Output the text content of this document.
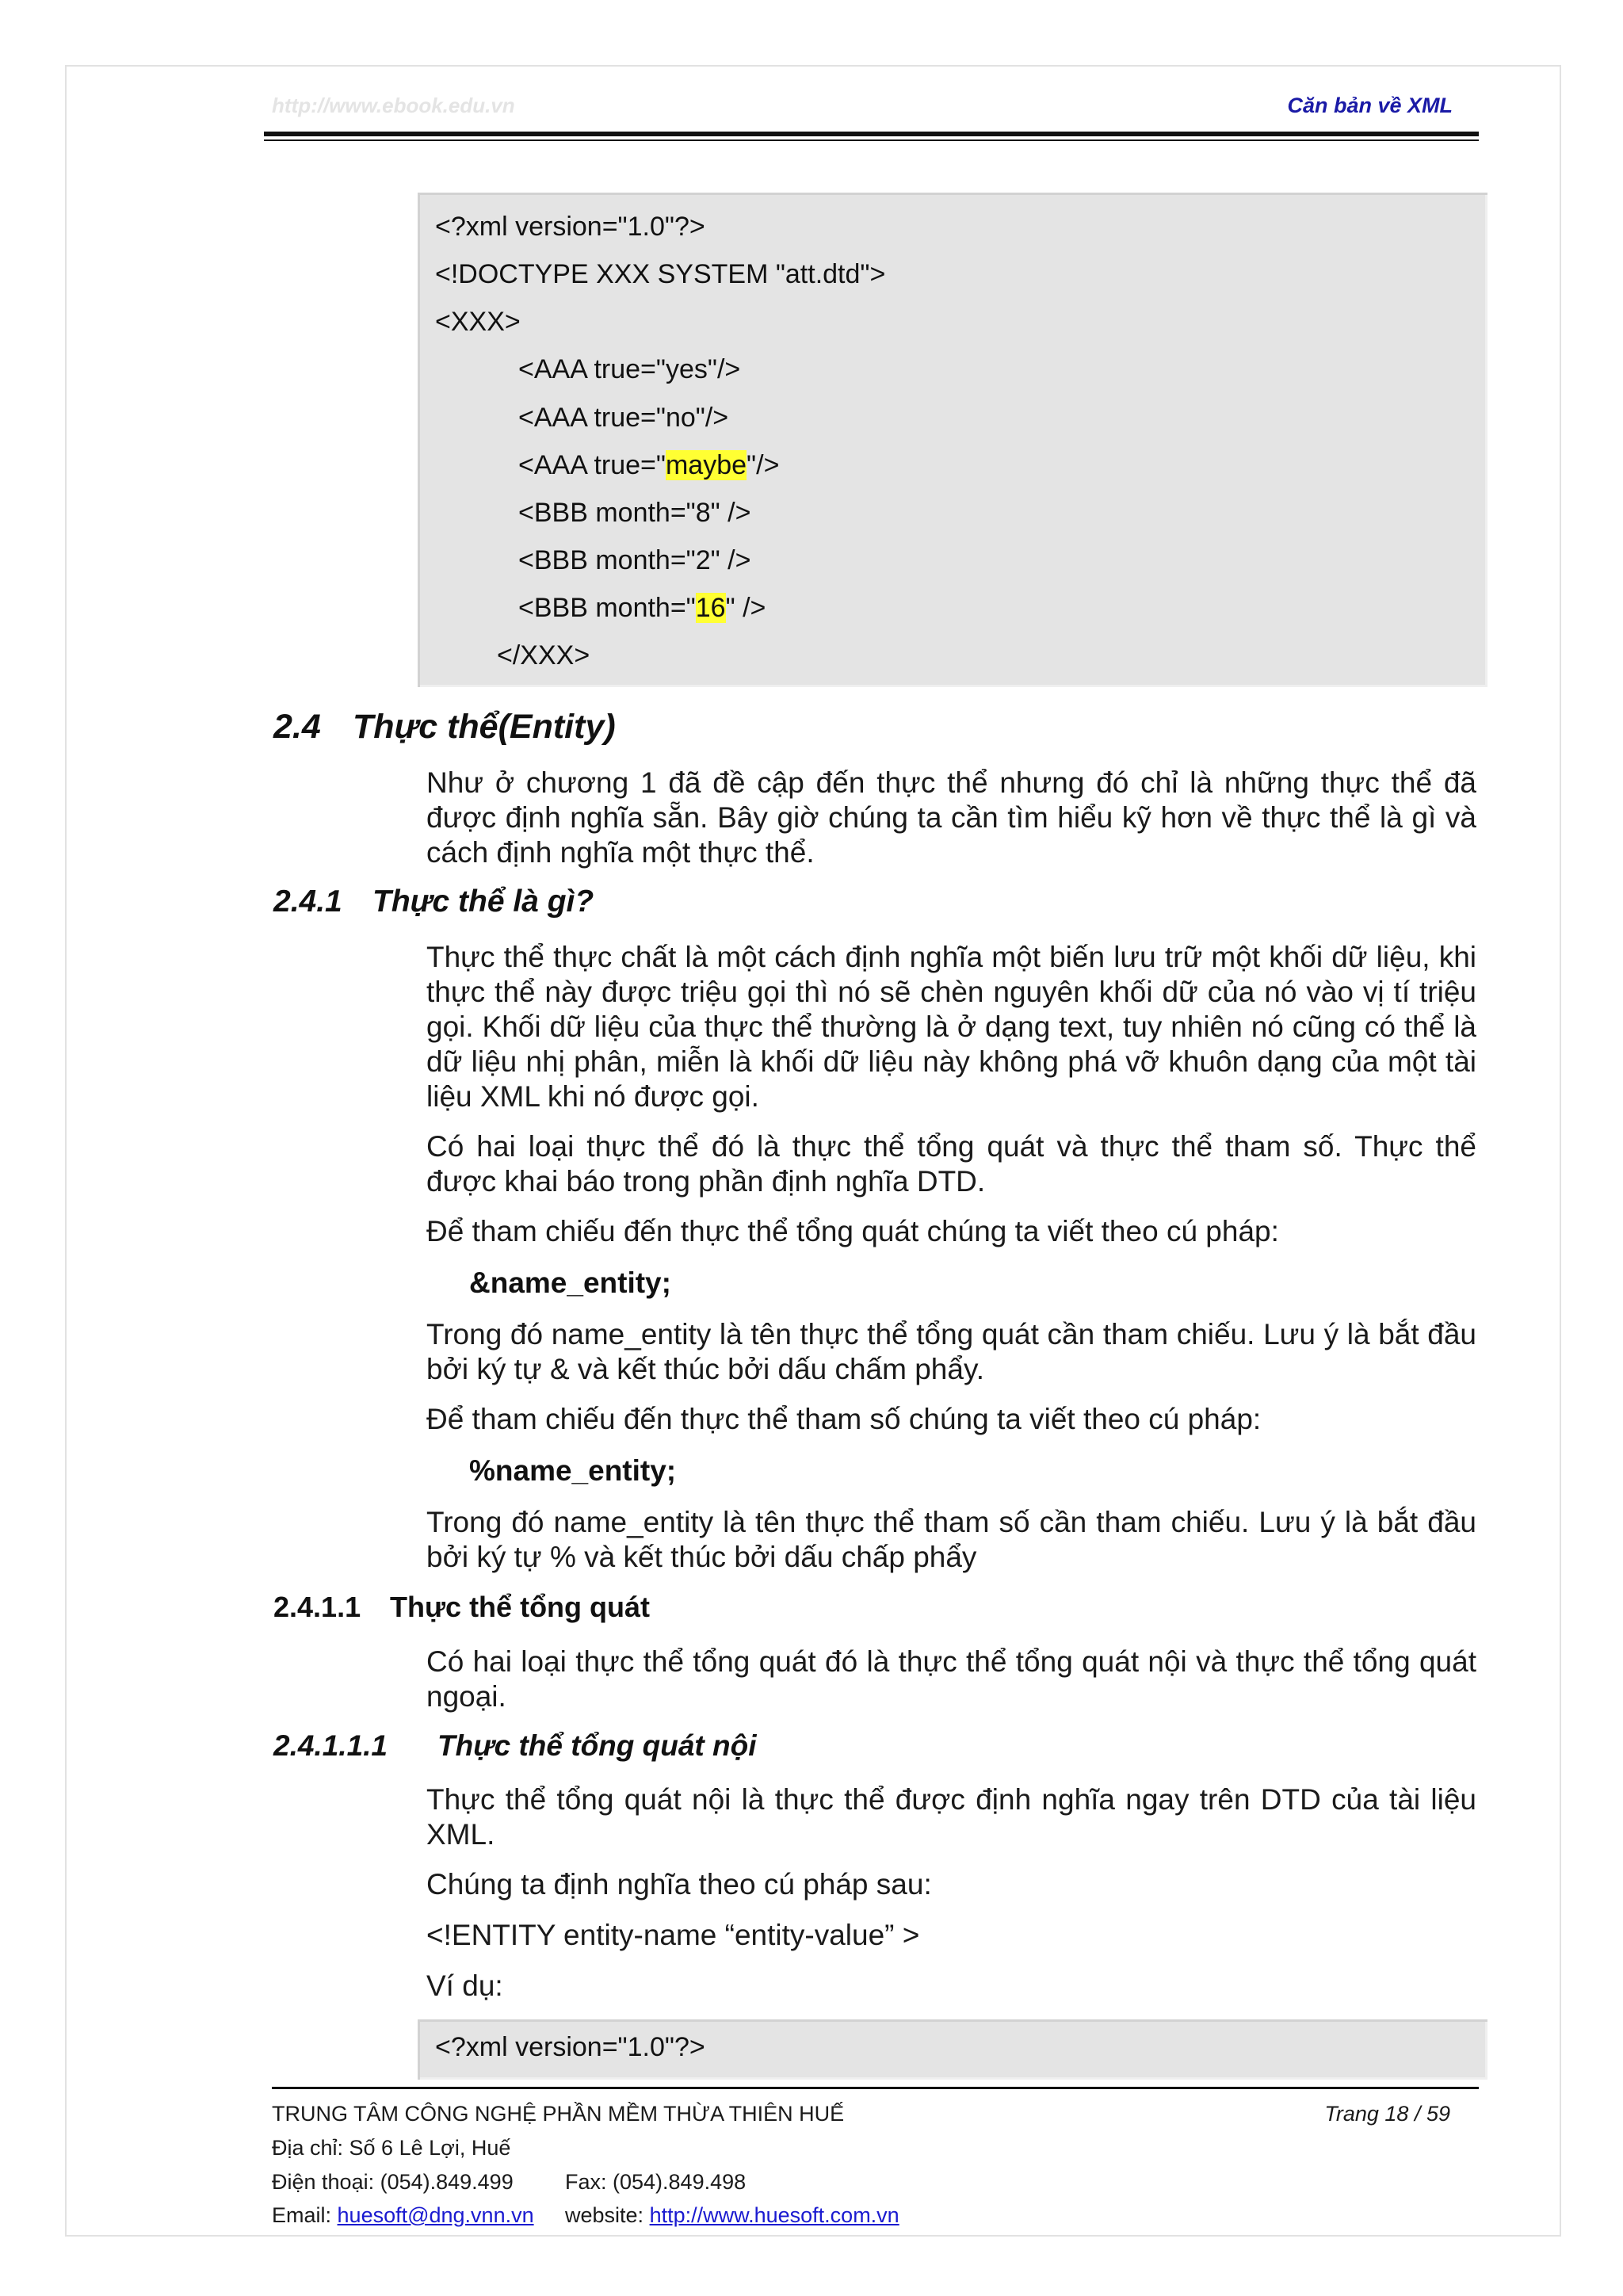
http://www.ebook.edu.vn	Căn bản về XML
<?xml version="1.0"?>
<!DOCTYPE XXX SYSTEM "att.dtd">
<XXX>
<AAA true="yes"/>
<AAA true="no"/>
<AAA true="maybe"/>
<BBB month="8" />
<BBB month="2" />
<BBB month="16" />
</XXX>
2.4 Thực thể(Entity)
Như ở chương 1 đã đề cập đến thực thể nhưng đó chỉ là những thực thể đã được định nghĩa sẵn. Bây giờ chúng ta cần tìm hiểu kỹ hơn về thực thể là gì và cách định nghĩa một thực thể.
2.4.1 Thực thể là gì?
Thực thể thực chất là một cách định nghĩa một biến lưu trữ một khối dữ liệu, khi thực thể này được triệu gọi thì nó sẽ chèn nguyên khối dữ của nó vào vị tí triệu gọi. Khối dữ liệu của thực thể thường là ở dạng text, tuy nhiên nó cũng có thể là dữ liệu nhị phân, miễn là khối dữ liệu này không phá vỡ khuôn dạng của một tài liệu XML khi nó được gọi.
Có hai loại thực thể đó là thực thể tổng quát và thực thể tham số. Thực thể được khai báo trong phần định nghĩa DTD.
Để tham chiếu đến thực thể tổng quát chúng ta viết theo cú pháp:
&name_entity;
Trong đó name_entity là tên thực thể tổng quát cần tham chiếu. Lưu ý là bắt đầu bởi ký tự & và kết thúc bởi dấu chấm phẩy.
Để tham chiếu đến thực thể tham số chúng ta viết theo cú pháp:
%name_entity;
Trong đó name_entity là tên thực thể tham số cần tham chiếu. Lưu ý là bắt đầu bởi ký tự % và kết thúc bởi dấu chấp phẩy
2.4.1.1 Thực thể tổng quát
Có hai loại thực thể tổng quát đó là thực thể tổng quát nội và thực thể tổng quát ngoại.
2.4.1.1.1 Thực thể tổng quát nội
Thực thể tổng quát nội là thực thể được định nghĩa ngay trên DTD của tài liệu XML.
Chúng ta định nghĩa theo cú pháp sau:
<!ENTITY entity-name “entity-value” >
Ví dụ:
<?xml version="1.0"?>
TRUNG TÂM CÔNG NGHỆ PHẦN MỀM THỪA THIÊN HUẾ	Trang 18 / 59
Địa chỉ: Số 6 Lê Lợi, Huế
Điện thoại: (054).849.499 Fax: (054).849.498
Email: huesoft@dng.vnn.vn website: http://www.huesoft.com.vn
